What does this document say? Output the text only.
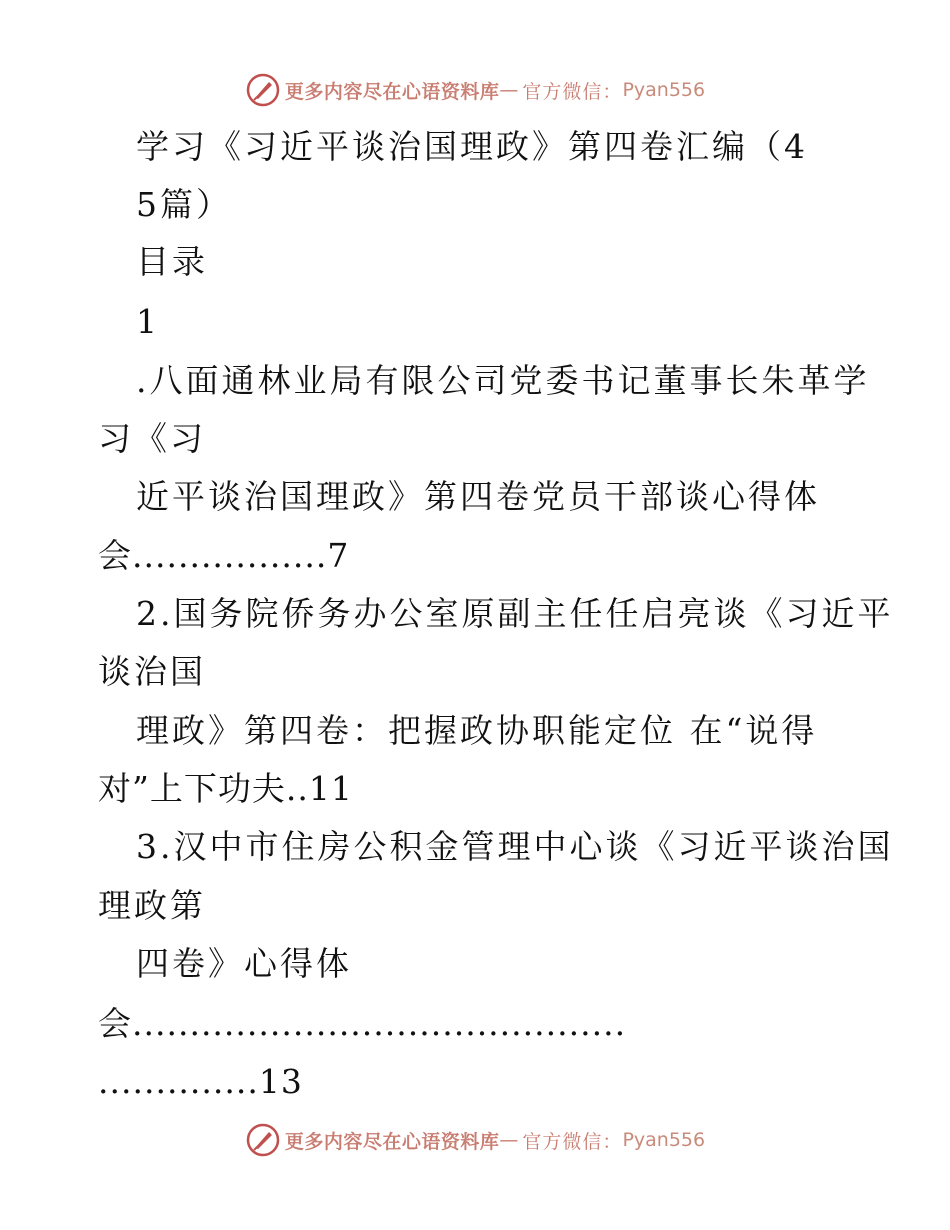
更多内容尽在心语资料库 — 官方微信： Pyan556
学习《习近平谈治国理政》第四卷汇编（4
5篇）
目录
1
.八面通林业局有限公司党委书记董事长朱革学
习《习
近平谈治国理政》第四卷党员干部谈心得体
会.................7
2.国务院侨务办公室原副主任任启亮谈《习近平
谈治国
理政》第四卷：把握政协职能定位 在“说得
对”上下功夫..11
3.汉中市住房公积金管理中心谈《习近平谈治国
理政第
四卷》心得体
会...........................................
..............13
更多内容尽在心语资料库 — 官方微信： Pyan556
